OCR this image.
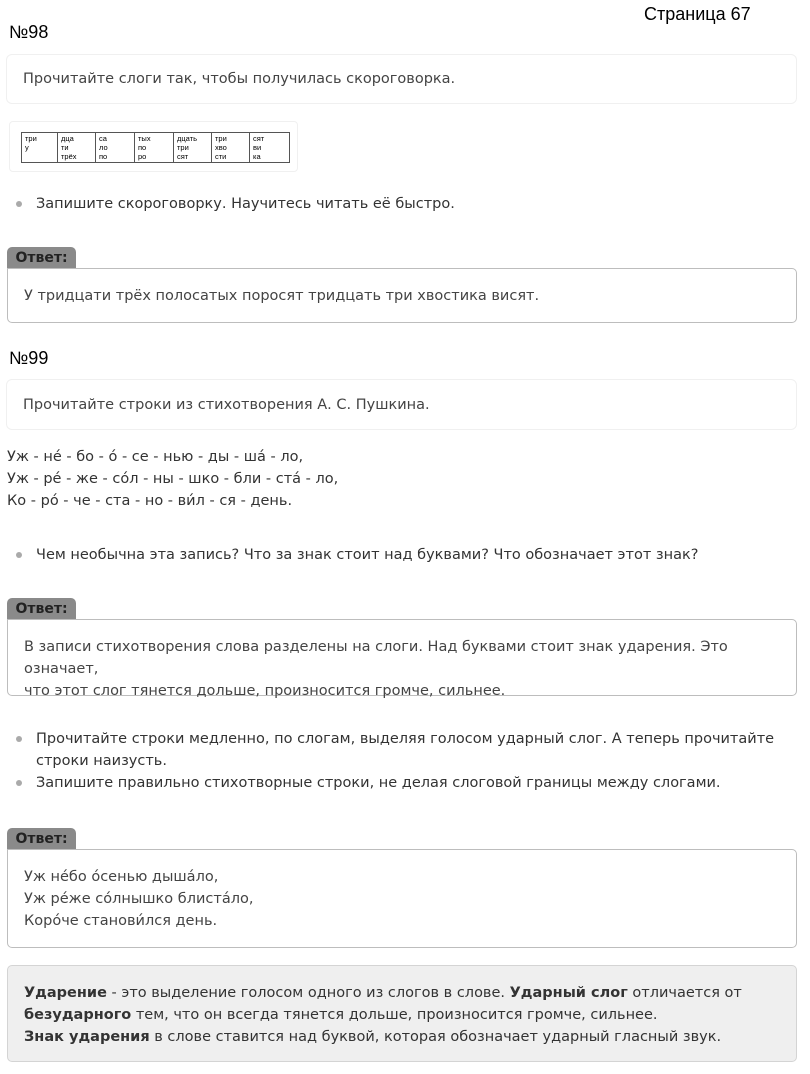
Страница 67
№98
Прочитайте слоги так, чтобы получилась скороговорка.
три
у

дца
ти
трёх

са
ло
по

тых
по
ро

дцать
три
сят

три
хво
сти

сят
ви
ка
Запишите скороговорку. Научитесь читать её быстро.
Ответ:
У тридцати трёх полосатых поросят тридцать три хвостика висят.
№99
Прочитайте строки из стихотворения А. С. Пушкина.
Уж - не́ - бо - о́ - се - нью - ды - ша́ - ло,
Уж - ре́ - же - со́л - ны - шко - бли - ста́ - ло,
Ко - ро́ - че - ста - но - ви́л - ся - день.
Чем необычна эта запись? Что за знак стоит над буквами? Что обозначает этот знак?
Ответ:
В записи стихотворения слова разделены на слоги. Над буквами стоит знак ударения. Это означает,
что этот слог тянется дольше, произносится громче, сильнее.
Прочитайте строки медленно, по слогам, выделяя голосом ударный слог. А теперь прочитайте строки наизусть.
Запишите правильно стихотворные строки, не делая слоговой границы между слогами.
Ответ:
Уж не́бо о́сенью дыша́ло,
Уж ре́же со́лнышко блиста́ло,
Коро́че станови́лся день.
Ударение - это выделение голосом одного из слогов в слове. Ударный слог отличается от
безударного тем, что он всегда тянется дольше, произносится громче, сильнее.
Знак ударения в слове ставится над буквой, которая обозначает ударный гласный звук.
